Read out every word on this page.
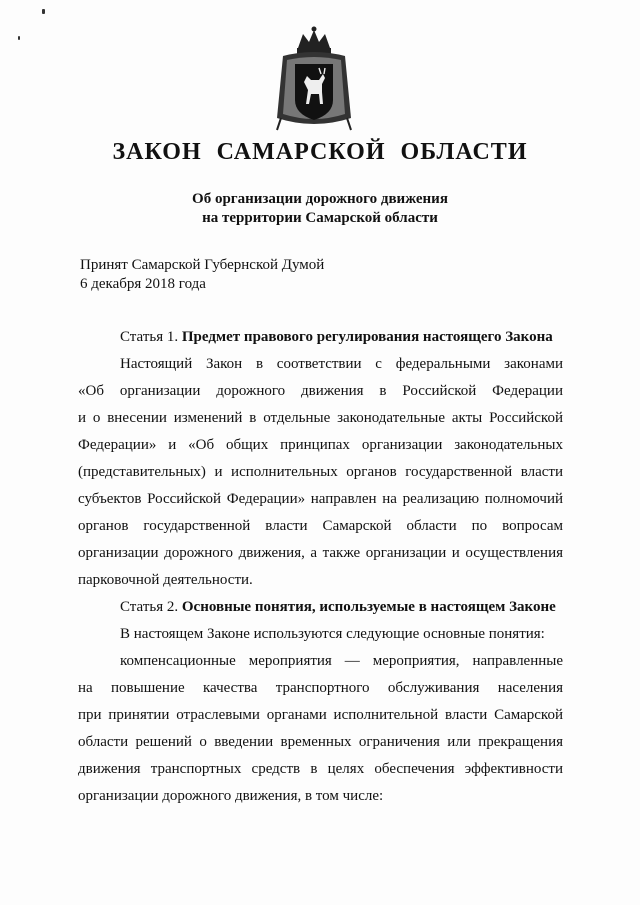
ЗАКОН САМАРСКОЙ ОБЛАСТИ
Об организации дорожного движения
на территории Самарской области
Принят Самарской Губернской Думой
6 декабря 2018 года
Статья 1. Предмет правового регулирования настоящего Закона
Настоящий Закон в соответствии с федеральными законами
«Об организации дорожного движения в Российской Федерации
и о внесении изменений в отдельные законодательные акты Российской
Федерации» и «Об общих принципах организации законодательных
(представительных) и исполнительных органов государственной власти
субъектов Российской Федерации» направлен на реализацию полномочий
органов государственной власти Самарской области по вопросам
организации дорожного движения, а также организации и осуществления
парковочной деятельности.
Статья 2. Основные понятия, используемые в настоящем Законе
В настоящем Законе используются следующие основные понятия:
компенсационные мероприятия — мероприятия, направленные
на повышение качества транспортного обслуживания населения
при принятии отраслевыми органами исполнительной власти Самарской
области решений о введении временных ограничения или прекращения
движения транспортных средств в целях обеспечения эффективности
организации дорожного движения, в том числе:
